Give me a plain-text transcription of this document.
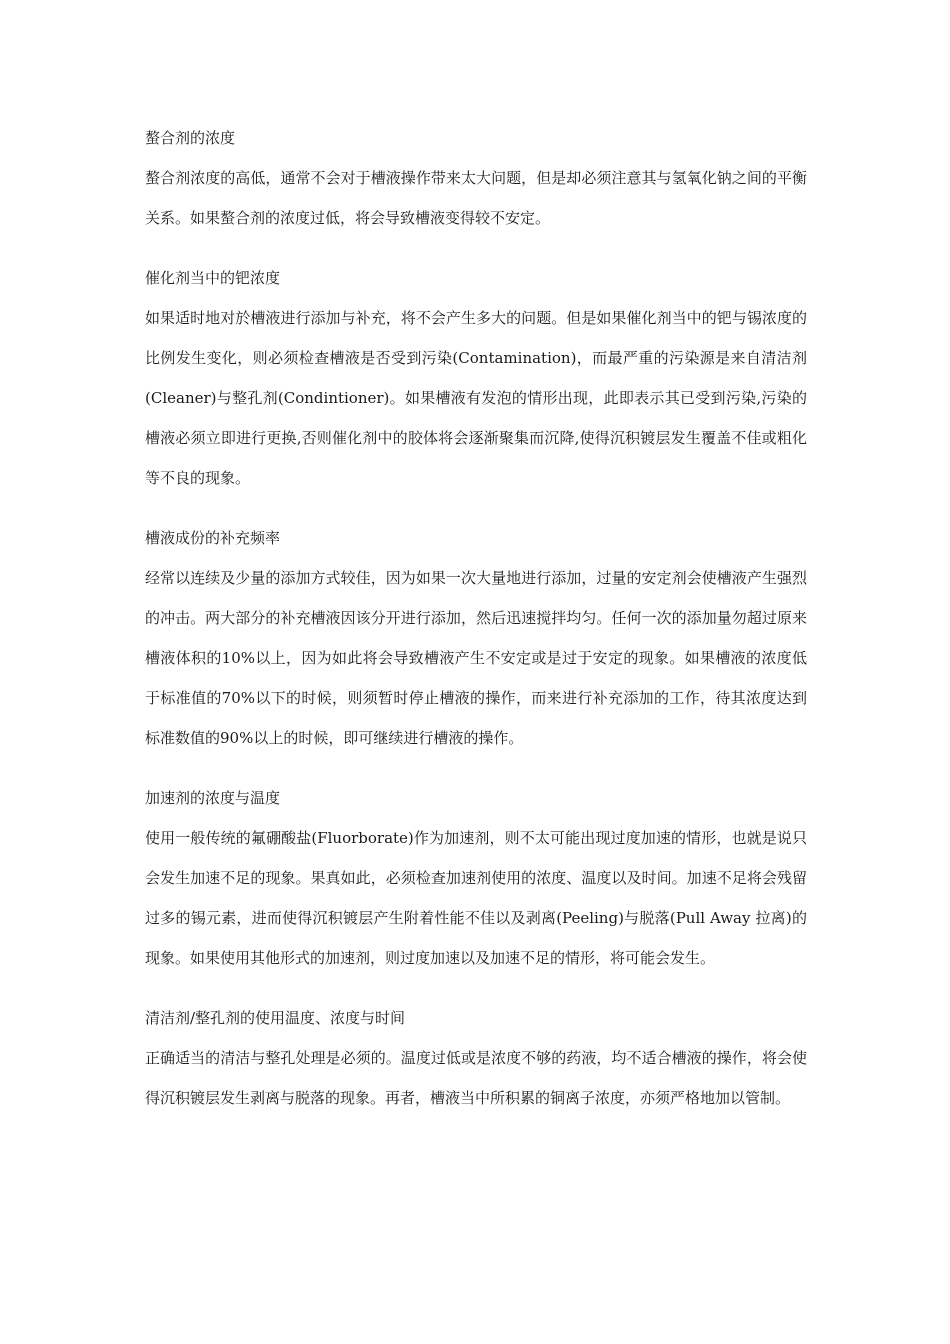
螯合剂的浓度

螯合剂浓度的高低，通常不会对于槽液操作带来太大问题，但是却必须注意其与氢氧化钠之间的平衡关系。如果螯合剂的浓度过低，将会导致槽液变得较不安定。

催化剂当中的钯浓度

如果适时地对於槽液进行添加与补充，将不会产生多大的问题。但是如果催化剂当中的钯与锡浓度的比例发生变化，则必须检查槽液是否受到污染(Contamination)，而最严重的污染源是来自清洁剂(Cleaner)与整孔剂(Condintioner)。如果槽液有发泡的情形出现，此即表示其已受到污染,污染的槽液必须立即进行更换,否则催化剂中的胶体将会逐渐聚集而沉降,使得沉积镀层发生覆盖不佳或粗化等不良的现象。

槽液成份的补充频率

经常以连续及少量的添加方式较佳，因为如果一次大量地进行添加，过量的安定剂会使槽液产生强烈的冲击。两大部分的补充槽液因该分开进行添加，然后迅速搅拌均匀。任何一次的添加量勿超过原来槽液体积的10%以上，因为如此将会导致槽液产生不安定或是过于安定的现象。如果槽液的浓度低于标准值的70%以下的时候，则须暂时停止槽液的操作，而来进行补充添加的工作，待其浓度达到标准数值的90%以上的时候，即可继续进行槽液的操作。

加速剂的浓度与温度

使用一般传统的氟硼酸盐(Fluorborate)作为加速剂，则不太可能出现过度加速的情形，也就是说只会发生加速不足的现象。果真如此，必须检查加速剂使用的浓度、温度以及时间。加速不足将会残留过多的锡元素，进而使得沉积镀层产生附着性能不佳以及剥离(Peeling)与脱落(Pull Away 拉离)的现象。如果使用其他形式的加速剂，则过度加速以及加速不足的情形，将可能会发生。

清洁剂/整孔剂的使用温度、浓度与时间

正确适当的清洁与整孔处理是必须的。温度过低或是浓度不够的药液，均不适合槽液的操作，将会使得沉积镀层发生剥离与脱落的现象。再者，槽液当中所积累的铜离子浓度，亦须严格地加以管制。
